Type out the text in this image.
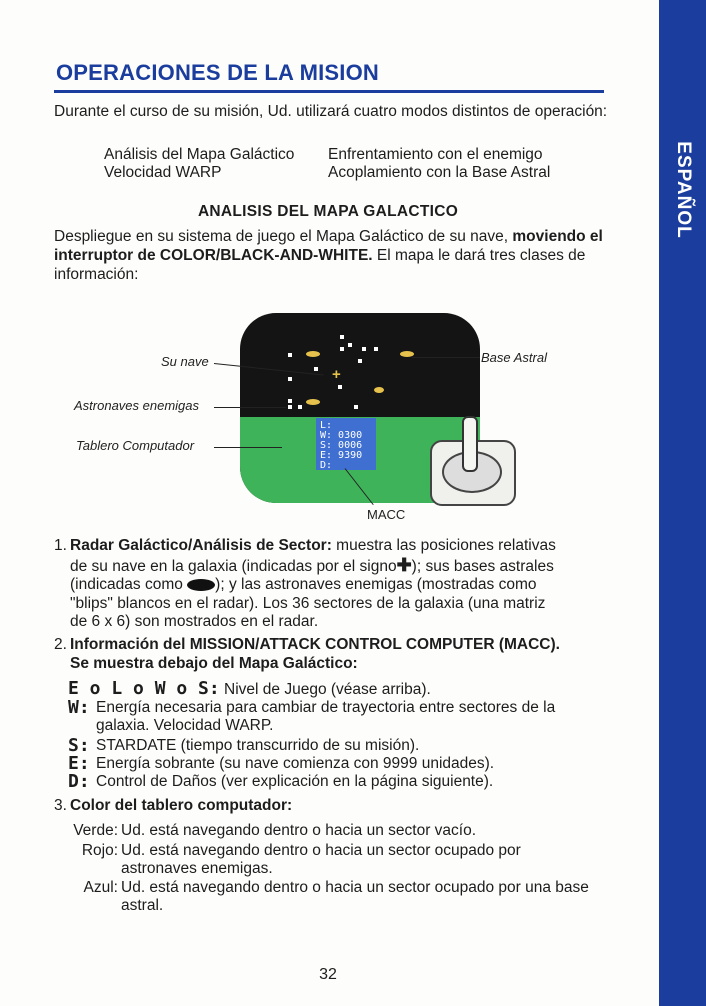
ESPAÑOL
OPERACIONES DE LA MISION
Durante el curso de su misión, Ud. utilizará cuatro modos distintos de operación:
Análisis del Mapa Galáctico	Enfrentamiento con el enemigo
Velocidad WARP	Acoplamiento con la Base Astral
ANALISIS DEL MAPA GALACTICO
Despliegue en su sistema de juego el Mapa Galáctico de su nave, moviendo el interruptor de COLOR/BLACK-AND-WHITE. El mapa le dará tres clases de información:
+
L:
W: 0300
S: 0006
E: 9390
D:
Su nave	Base Astral
Astronaves enemigas
Tablero Computador
MACC
1. Radar Galáctico/Análisis de Sector: muestra las posiciones relativas
de su nave en la galaxia (indicadas por el signo✚); sus bases astrales
(indicadas como ); y las astronaves enemigas (mostradas como
"blips" blancos en el radar). Los 36 sectores de la galaxia (una matriz
de 6 x 6) son mostrados en el radar.
2. Información del MISSION/ATTACK CONTROL COMPUTER (MACC).
Se muestra debajo del Mapa Galáctico:
E o L o W o S: Nivel de Juego (véase arriba).
W: Energía necesaria para cambiar de trayectoria entre sectores de la galaxia. Velocidad WARP.
S: STARDATE (tiempo transcurrido de su misión).
E: Energía sobrante (su nave comienza con 9999 unidades).
D: Control de Daños (ver explicación en la página siguiente).
3. Color del tablero computador:
Verde: Ud. está navegando dentro o hacia un sector vacío.
Rojo: Ud. está navegando dentro o hacia un sector ocupado por astronaves enemigas.
Azul: Ud. está navegando dentro o hacia un sector ocupado por una base astral.
32
